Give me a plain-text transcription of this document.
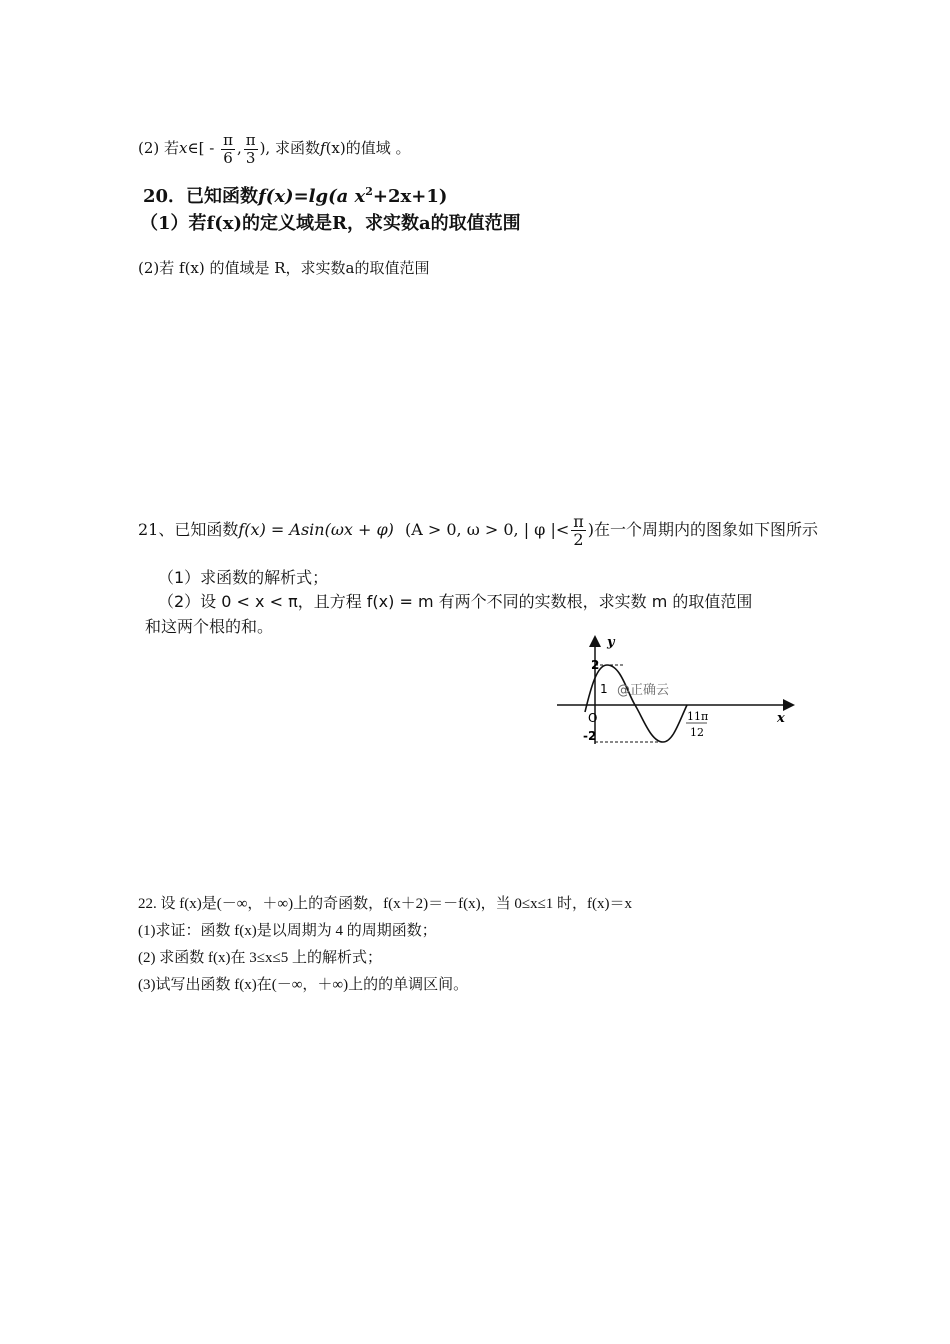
(2) 若x∈[ - $\frac{\pi}{6}$ , $\frac{\pi}{3}$ ), 求函数f(x)的值域 。
20．已知函数f(x)=lg(a $x^2+2x+1$)
（1）若f(x)的定义域是R，求实数a的取值范围
(2)若 f(x) 的值域是 R，求实数a的取值范围
21、已知函数f(x) = Asin(ωx + φ) (A > 0, ω > 0, | φ |< $\frac{\pi}{2}$ )在一个周期内的图象如下图所示
（1）求函数的解析式；
（2）设 0 < x < π，且方程 f(x) = m 有两个不同的实数根，求实数 m 的取值范围
和这两个根的和。
y
x
O
2
1
-2
@正确云
11π
12
22. 设 f(x)是(－∞，＋∞)上的奇函数，f(x＋2)＝－f(x)，当 0≤x≤1 时，f(x)＝x
(1)求证：函数 f(x)是以周期为 4 的周期函数；
(2) 求函数 f(x)在 3≤x≤5 上的解析式；
(3)试写出函数 f(x)在(－∞，＋∞)上的的单调区间。
